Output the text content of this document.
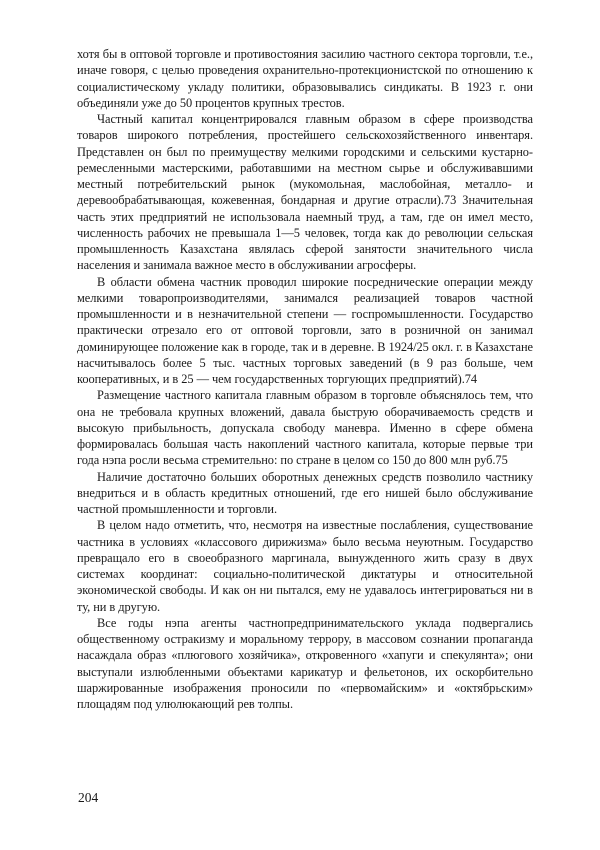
хотя бы в оптовой торговле и противостояния засилию частного сектора торговли, т.е., иначе говоря, с целью проведения охранительно-протекционистской по отношению к социалистическому укладу политики, образовывались синдикаты. В 1923 г. они объединяли уже до 50 процентов крупных трестов.

Частный капитал концентрировался главным образом в сфере производства товаров широкого потребления, простейшего сельскохозяйственного инвентаря. Представлен он был по преимуществу мелкими городскими и сельскими кустарно-ремесленными мастерскими, работавшими на местном сырье и обслуживавшими местный потребительский рынок (мукомольная, маслобойная, металло- и деревообрабатывающая, кожевенная, бондарная и другие отрасли).73 Значительная часть этих предприятий не использовала наемный труд, а там, где он имел место, численность рабочих не превышала 1—5 человек, тогда как до революции сельская промышленность Казахстана являлась сферой занятости значительного числа населения и занимала важное место в обслуживании агросферы.

В области обмена частник проводил широкие посреднические операции между мелкими товаропроизводителями, занимался реализацией товаров частной промышленности и в незначительной степени — госпромышленности. Государство практически отрезало его от оптовой торговли, зато в розничной он занимал доминирующее положение как в городе, так и в деревне. В 1924/25 окл. г. в Казахстане насчитывалось более 5 тыс. частных торговых заведений (в 9 раз больше, чем кооперативных, и в 25 — чем государственных торгующих предприятий).74

Размещение частного капитала главным образом в торговле объяснялось тем, что она не требовала крупных вложений, давала быструю оборачиваемость средств и высокую прибыльность, допускала свободу маневра. Именно в сфере обмена формировалась большая часть накоплений частного капитала, которые первые три года нэпа росли весьма стремительно: по стране в целом со 150 до 800 млн руб.75

Наличие достаточно больших оборотных денежных средств позволило частнику внедриться и в область кредитных отношений, где его нишей было обслуживание частной промышленности и торговли.

В целом надо отметить, что, несмотря на известные послабления, существование частника в условиях «классового дирижизма» было весьма неуютным. Государство превращало его в своеобразного маргинала, вынужденного жить сразу в двух системах координат: социально-политической диктатуры и относительной экономической свободы. И как он ни пытался, ему не удавалось интегрироваться ни в ту, ни в другую.

Все годы нэпа агенты частнопредпринимательского уклада подвергались общественному остракизму и моральному террору, в массовом сознании пропаганда насаждала образ «плюгового хозяйчика», откровенного «хапуги и спекулянта»; они выступали излюбленными объектами карикатур и фельетонов, их оскорбительно шаржированные изображения проносили по «первомайским» и «октябрьским» площадям под улюлюкающий рев толпы.

204
